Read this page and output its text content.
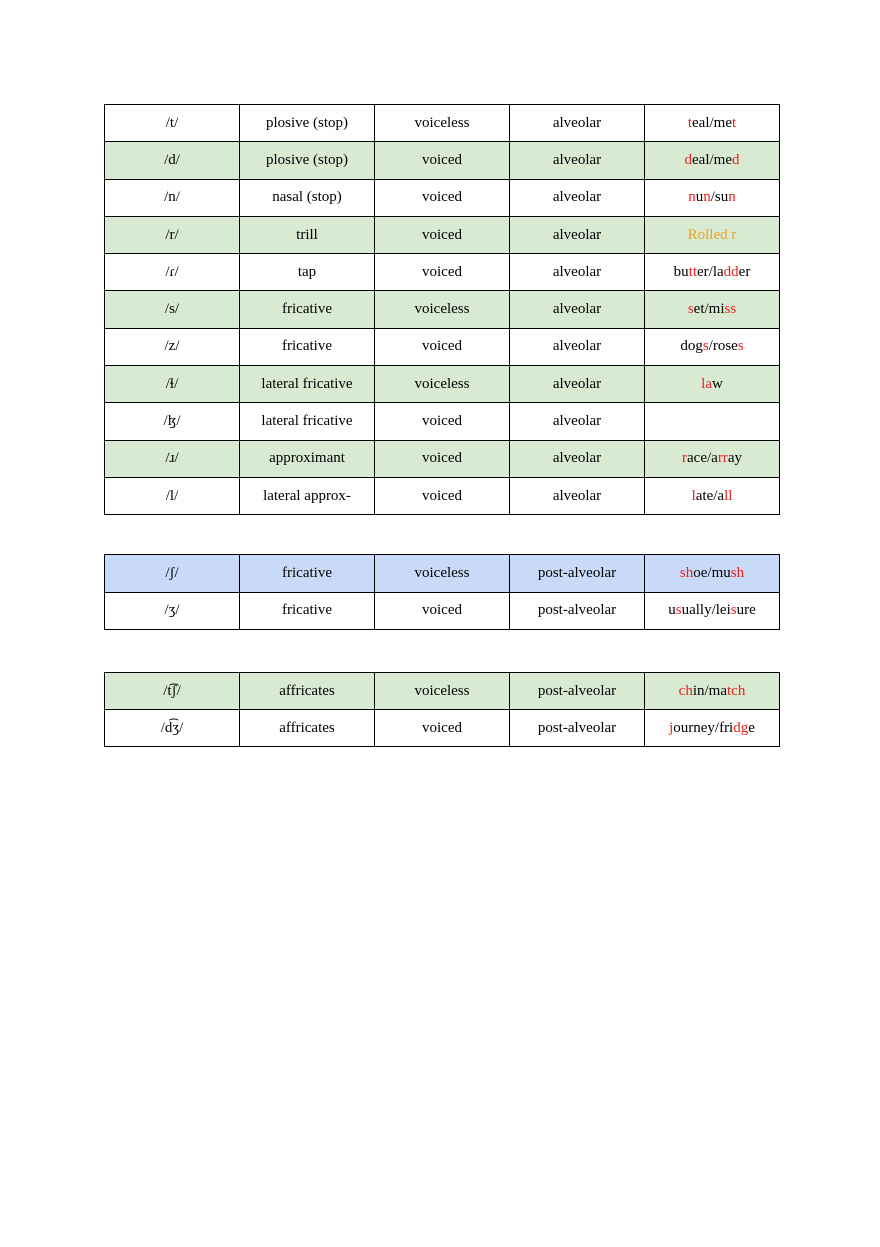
/t/	plosive (stop)	voiceless	alveolar	teal/met
/d/	plosive (stop)	voiced	alveolar	deal/med
/n/	nasal (stop)	voiced	alveolar	nun/sun
/r/	trill	voiced	alveolar	Rolled r
/ɾ/	tap	voiced	alveolar	butter/ladder
/s/	fricative	voiceless	alveolar	set/miss
/z/	fricative	voiced	alveolar	dogs/roses
/ɬ/	lateral fricative	voiceless	alveolar	law
/ɮ/	lateral fricative	voiced	alveolar	
/ɹ/	approximant	voiced	alveolar	race/array
/l/	lateral approx-	voiced	alveolar	late/all
/ʃ/	fricative	voiceless	post-alveolar	shoe/mush
/ʒ/	fricative	voiced	post-alveolar	usually/leisure
/t͡ʃ/	affricates	voiceless	post-alveolar	chin/match
/d͡ʒ/	affricates	voiced	post-alveolar	journey/fridge
